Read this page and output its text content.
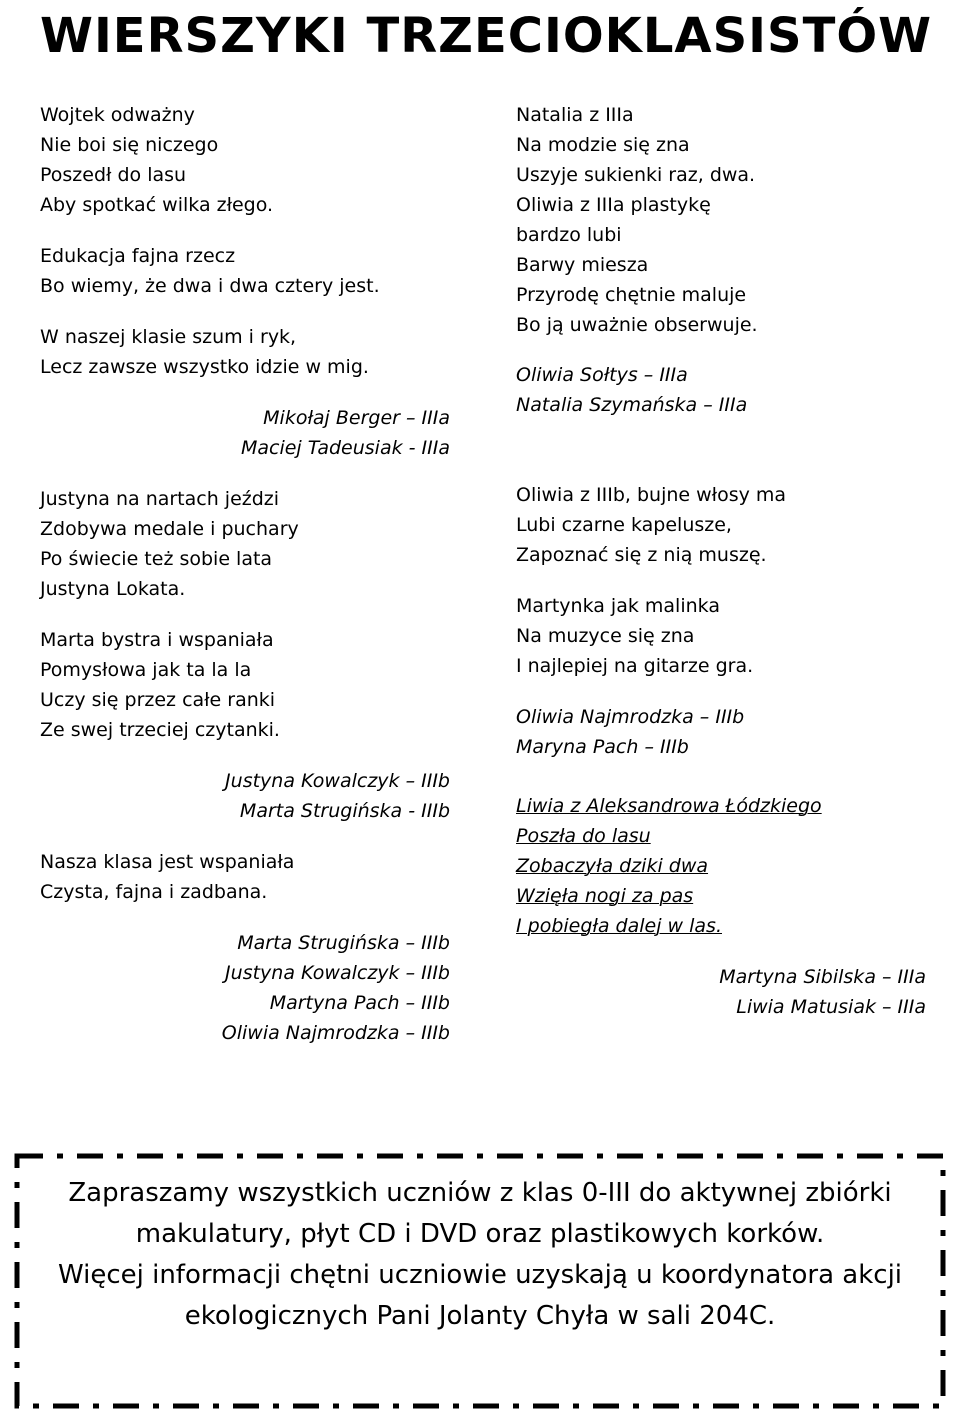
WIERSZYKI TRZECIOKLASISTÓW
Wojtek odważny
Nie boi się niczego
Poszedł do lasu
Aby spotkać wilka złego.
Edukacja fajna rzecz
Bo wiemy, że dwa i dwa cztery jest.
W naszej klasie szum i ryk,
Lecz zawsze wszystko idzie w mig.
Mikołaj Berger – IIIa
Maciej Tadeusiak - IIIa
Justyna na nartach jeździ
Zdobywa medale i puchary
Po świecie też sobie lata
Justyna Lokata.
Marta bystra i wspaniała
Pomysłowa jak ta la la
Uczy się przez całe ranki
Ze swej trzeciej czytanki.
Justyna Kowalczyk – IIIb
Marta Strugińska - IIIb
Nasza klasa jest wspaniała
Czysta, fajna i zadbana.
Marta Strugińska – IIIb
Justyna Kowalczyk – IIIb
Martyna Pach – IIIb
Oliwia Najmrodzka – IIIb
Natalia z IIIa
Na modzie się zna
Uszyje sukienki raz, dwa.
Oliwia z IIIa plastykę
bardzo lubi
Barwy miesza
Przyrodę chętnie maluje
Bo ją uważnie obserwuje.
Oliwia Sołtys – IIIa
Natalia Szymańska – IIIa
Oliwia z IIIb, bujne włosy ma
Lubi czarne kapelusze,
Zapoznać się z nią muszę.
Martynka jak malinka
Na muzyce się zna
I najlepiej na gitarze gra.
Oliwia Najmrodzka – IIIb
Maryna Pach – IIIb
Liwia z Aleksandrowa Łódzkiego
Poszła do lasu
Zobaczyła dziki dwa
Wzięła nogi za pas
I pobiegła dalej w las.
Martyna Sibilska – IIIa
Liwia Matusiak – IIIa
Zapraszamy wszystkich uczniów z klas 0-III do aktywnej zbiórki
makulatury, płyt CD i DVD oraz plastikowych korków.
Więcej informacji chętni uczniowie uzyskają u koordynatora akcji
ekologicznych Pani Jolanty Chyła w sali 204C.
